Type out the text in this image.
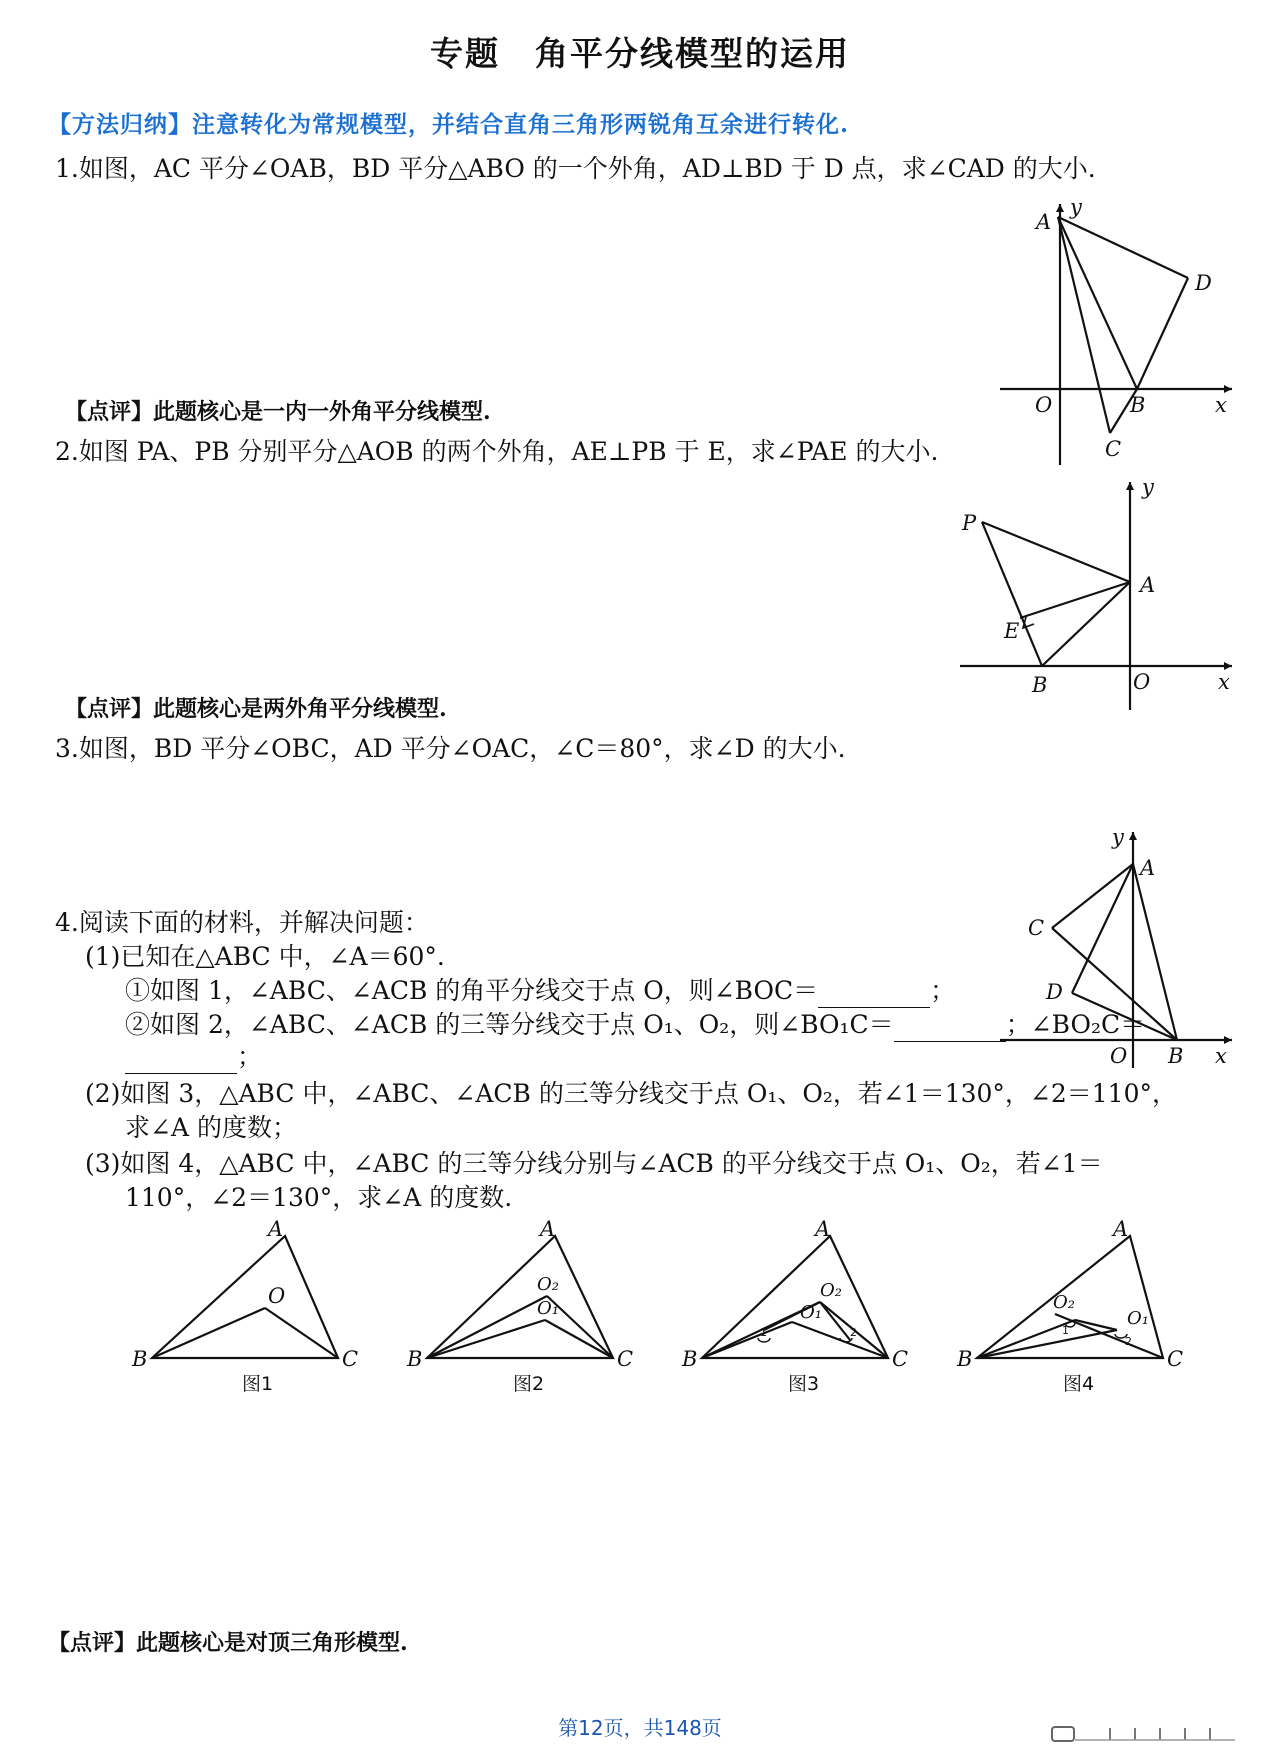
专题　角平分线模型的运用
【方法归纳】注意转化为常规模型，并结合直角三角形两锐角互余进行转化.
1.如图，AC 平分∠OAB，BD 平分△ABO 的一个外角，AD⊥BD 于 D 点，求∠CAD 的大小.
y
A
D
O	B	x
C
【点评】此题核心是一内一外角平分线模型.
2.如图 PA、PB 分别平分△AOB 的两个外角，AE⊥PB 于 E，求∠PAE 的大小.
y
P
A
E
B	O	x
【点评】此题核心是两外角平分线模型.
3.如图，BD 平分∠OBC，AD 平分∠OAC，∠C＝80°，求∠D 的大小.
y
A
C
D
O B x
4.阅读下面的材料，并解决问题：
(1)已知在△ABC 中，∠A＝60°.
①如图 1，∠ABC、∠ACB 的角平分线交于点 O，则∠BOC＝	；
②如图 2，∠ABC、∠ACB 的三等分线交于点 O₁、O₂，则∠BO₁C＝	；∠BO₂C＝
；
(2)如图 3，△ABC 中，∠ABC、∠ACB 的三等分线交于点 O₁、O₂，若∠1＝130°，∠2＝110°，
求∠A 的度数；
(3)如图 4，△ABC 中，∠ABC 的三等分线分别与∠ACB 的平分线交于点 O₁、O₂，若∠1＝
110°，∠2＝130°，求∠A 的度数.
A
O
B	C
图1
A
O₂
O₁
B	C
图2
A
O₂
O₁
1	2
B	C
图3
A
O₂
O₁
1
2
B	C
图4
【点评】此题核心是对顶三角形模型.
第12页，共148页
